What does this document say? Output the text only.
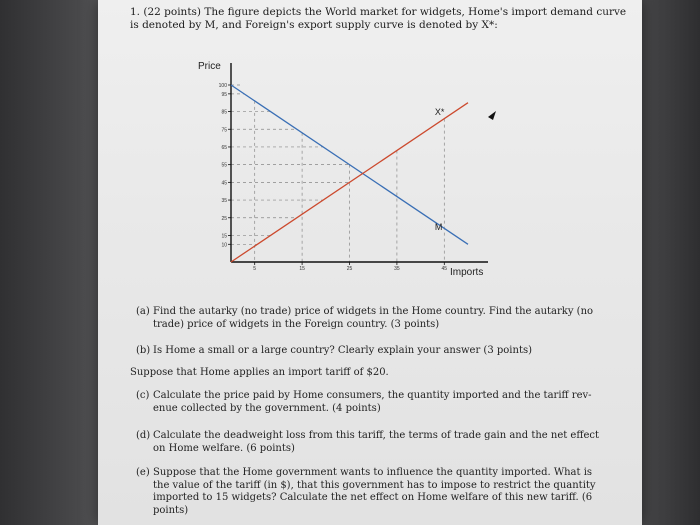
1. (22 points) The figure depicts the World market for widgets, Home's import demand curve
is denoted by M, and Foreign's export supply curve is denoted by X*:
Price
Imports
100
95
85
75
65
55
45
35
25
15
10
5	15	25	35	45
M
X*
(a) Find the autarky (no trade) price of widgets in the Home country. Find the autarky (no
trade) price of widgets in the Foreign country. (3 points)
(b) Is Home a small or a large country? Clearly explain your answer (3 points)
Suppose that Home applies an import tariff of $20.
(c) Calculate the price paid by Home consumers, the quantity imported and the tariff rev-
enue collected by the government. (4 points)
(d) Calculate the deadweight loss from this tariff, the terms of trade gain and the net effect
on Home welfare. (6 points)
(e) Suppose that the Home government wants to influence the quantity imported. What is
the value of the tariff (in $), that this government has to impose to restrict the quantity
imported to 15 widgets? Calculate the net effect on Home welfare of this new tariff. (6
points)
